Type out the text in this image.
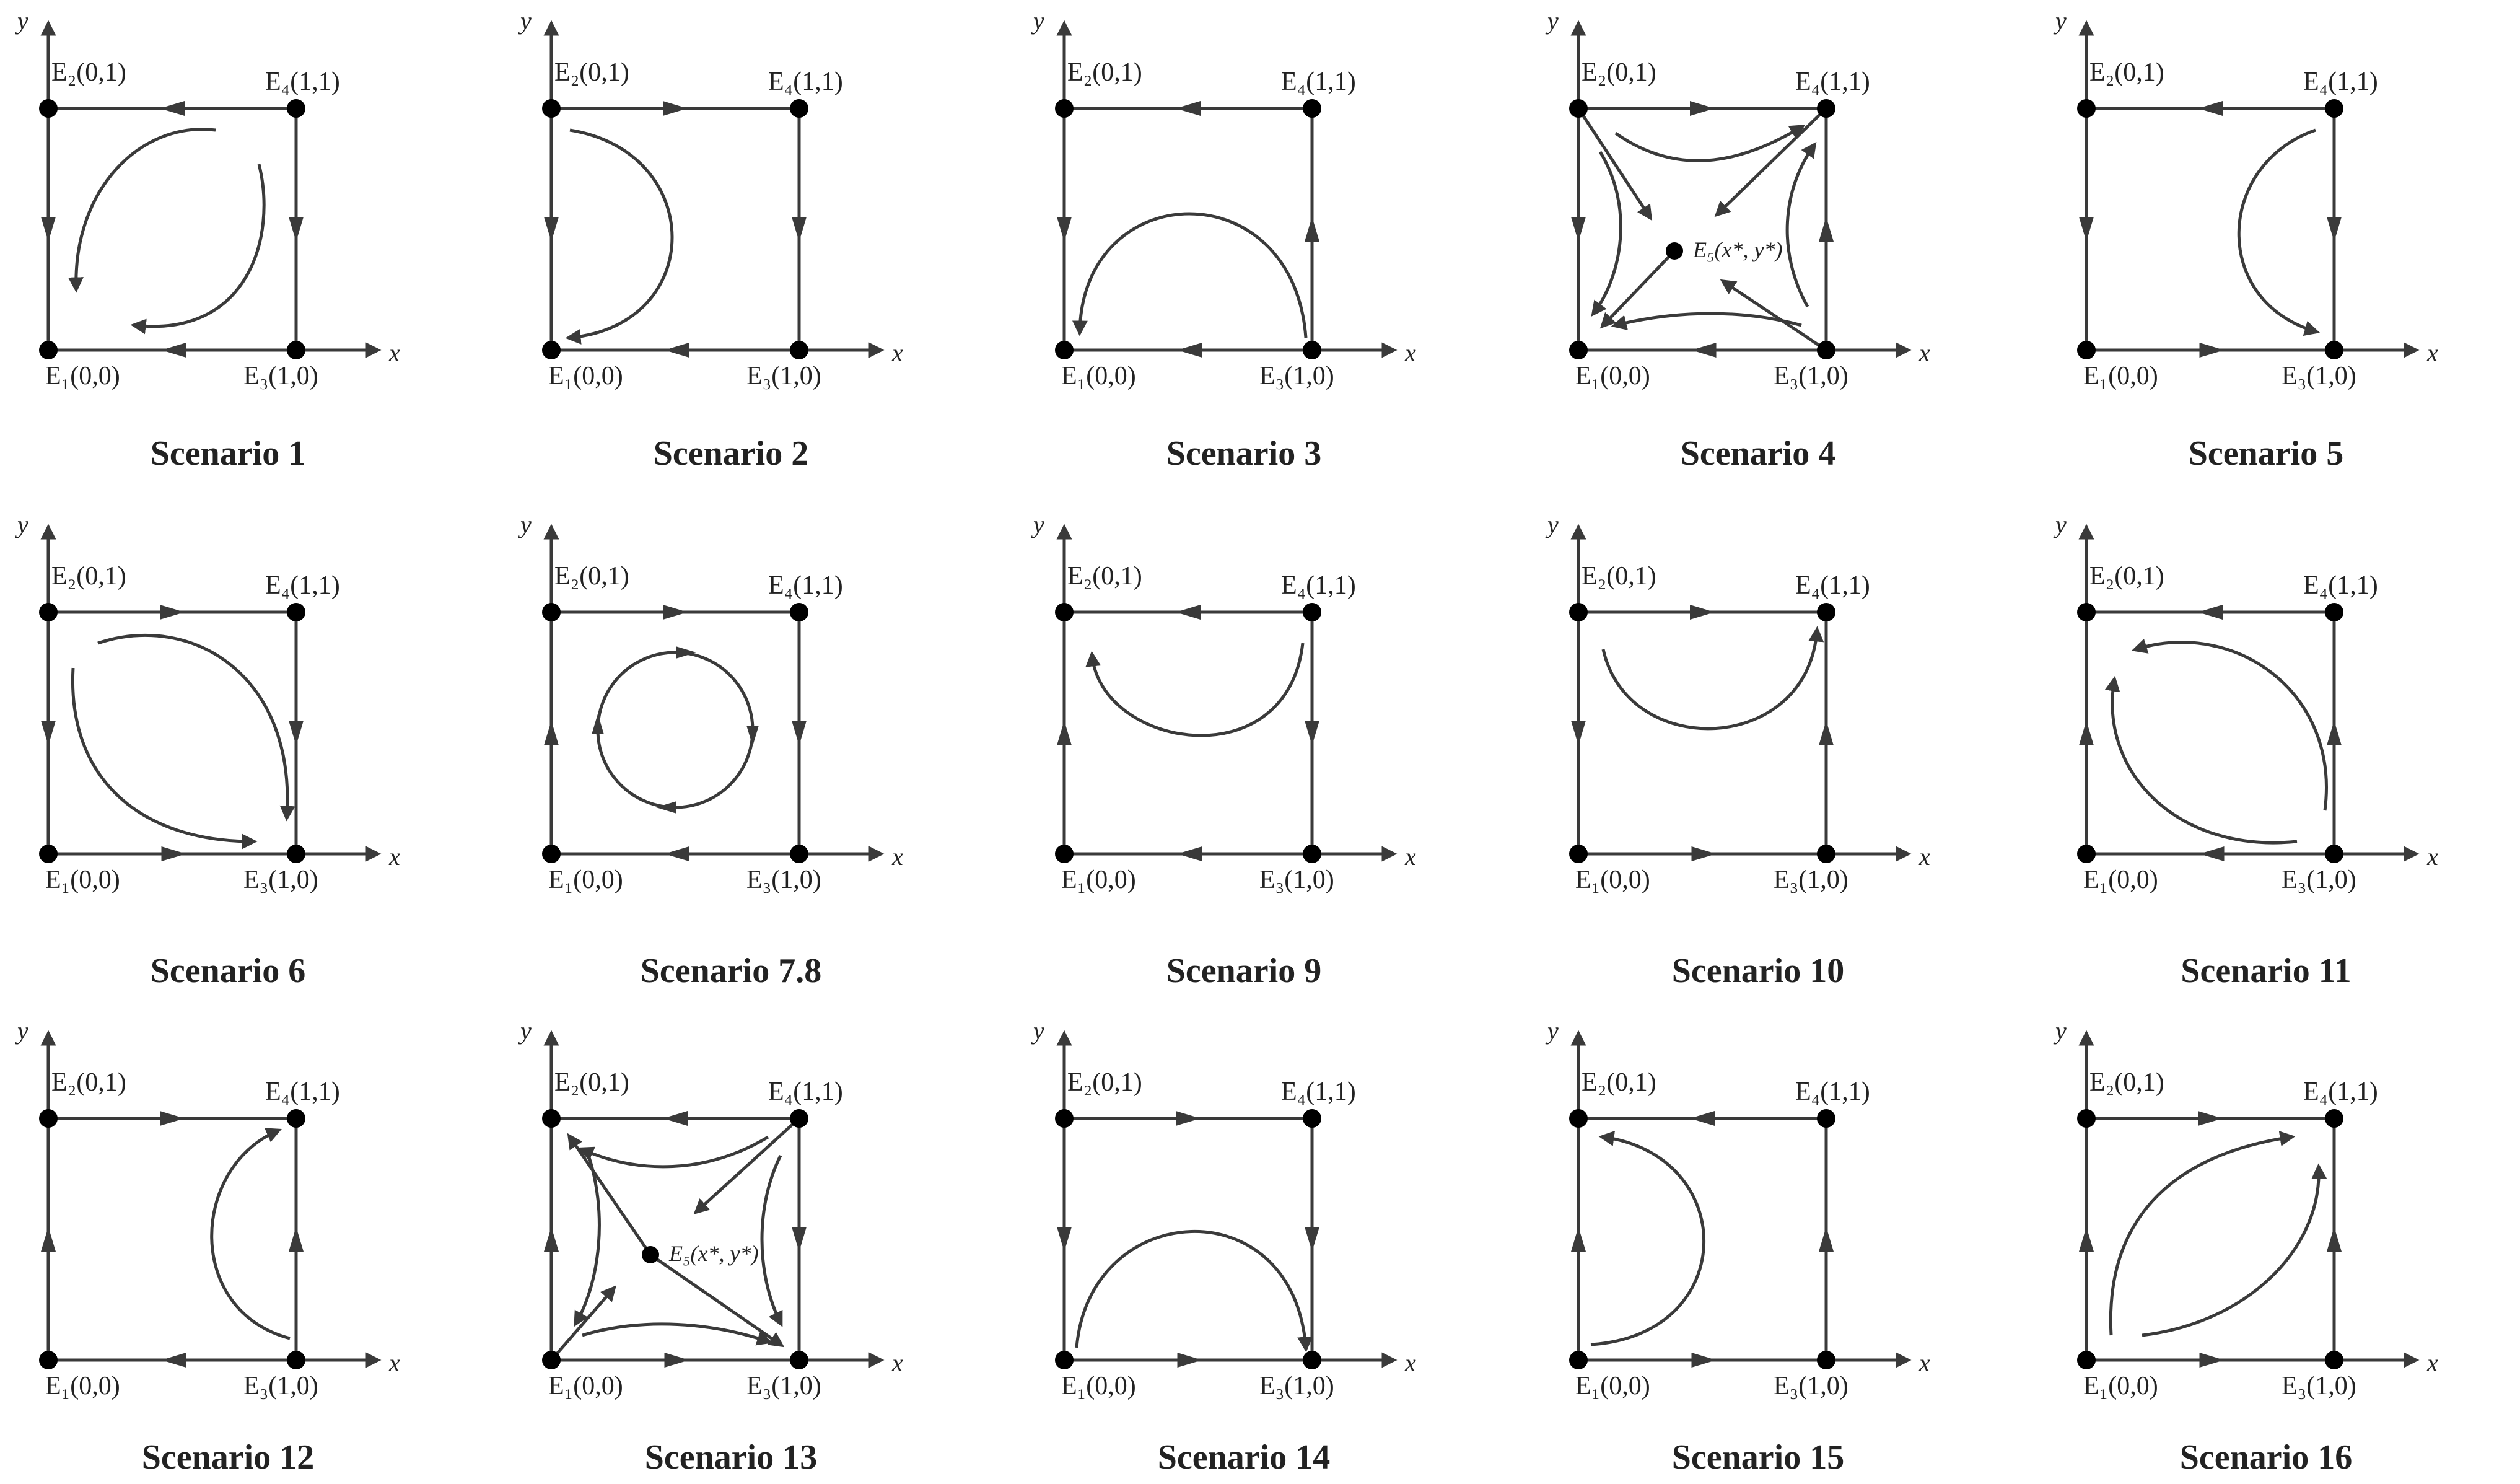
x
y
E₁(0,0)
E₂(0,1)
E₃(1,0)
E₄(1,1)
Scenario 1
x
y
E₁(0,0)
E₂(0,1)
E₃(1,0)
E₄(1,1)
Scenario 2
x
y
E₁(0,0)
E₂(0,1)
E₃(1,0)
E₄(1,1)
Scenario 3
x
y
E₁(0,0)
E₂(0,1)
E₃(1,0)
E₄(1,1)
E₅(x*, y*)
Scenario 4
x
y
E₁(0,0)
E₂(0,1)
E₃(1,0)
E₄(1,1)
Scenario 5
x
y
E₁(0,0)
E₂(0,1)
E₃(1,0)
E₄(1,1)
Scenario 6
x
y
E₁(0,0)
E₂(0,1)
E₃(1,0)
E₄(1,1)
Scenario 7.8
x
y
E₁(0,0)
E₂(0,1)
E₃(1,0)
E₄(1,1)
Scenario 9
x
y
E₁(0,0)
E₂(0,1)
E₃(1,0)
E₄(1,1)
Scenario 10
x
y
E₁(0,0)
E₂(0,1)
E₃(1,0)
E₄(1,1)
Scenario 11
x
y
E₁(0,0)
E₂(0,1)
E₃(1,0)
E₄(1,1)
Scenario 12
x
y
E₁(0,0)
E₂(0,1)
E₃(1,0)
E₄(1,1)
E₅(x*, y*)
Scenario 13
x
y
E₁(0,0)
E₂(0,1)
E₃(1,0)
E₄(1,1)
Scenario 14
x
y
E₁(0,0)
E₂(0,1)
E₃(1,0)
E₄(1,1)
Scenario 15
x
y
E₁(0,0)
E₂(0,1)
E₃(1,0)
E₄(1,1)
Scenario 16
